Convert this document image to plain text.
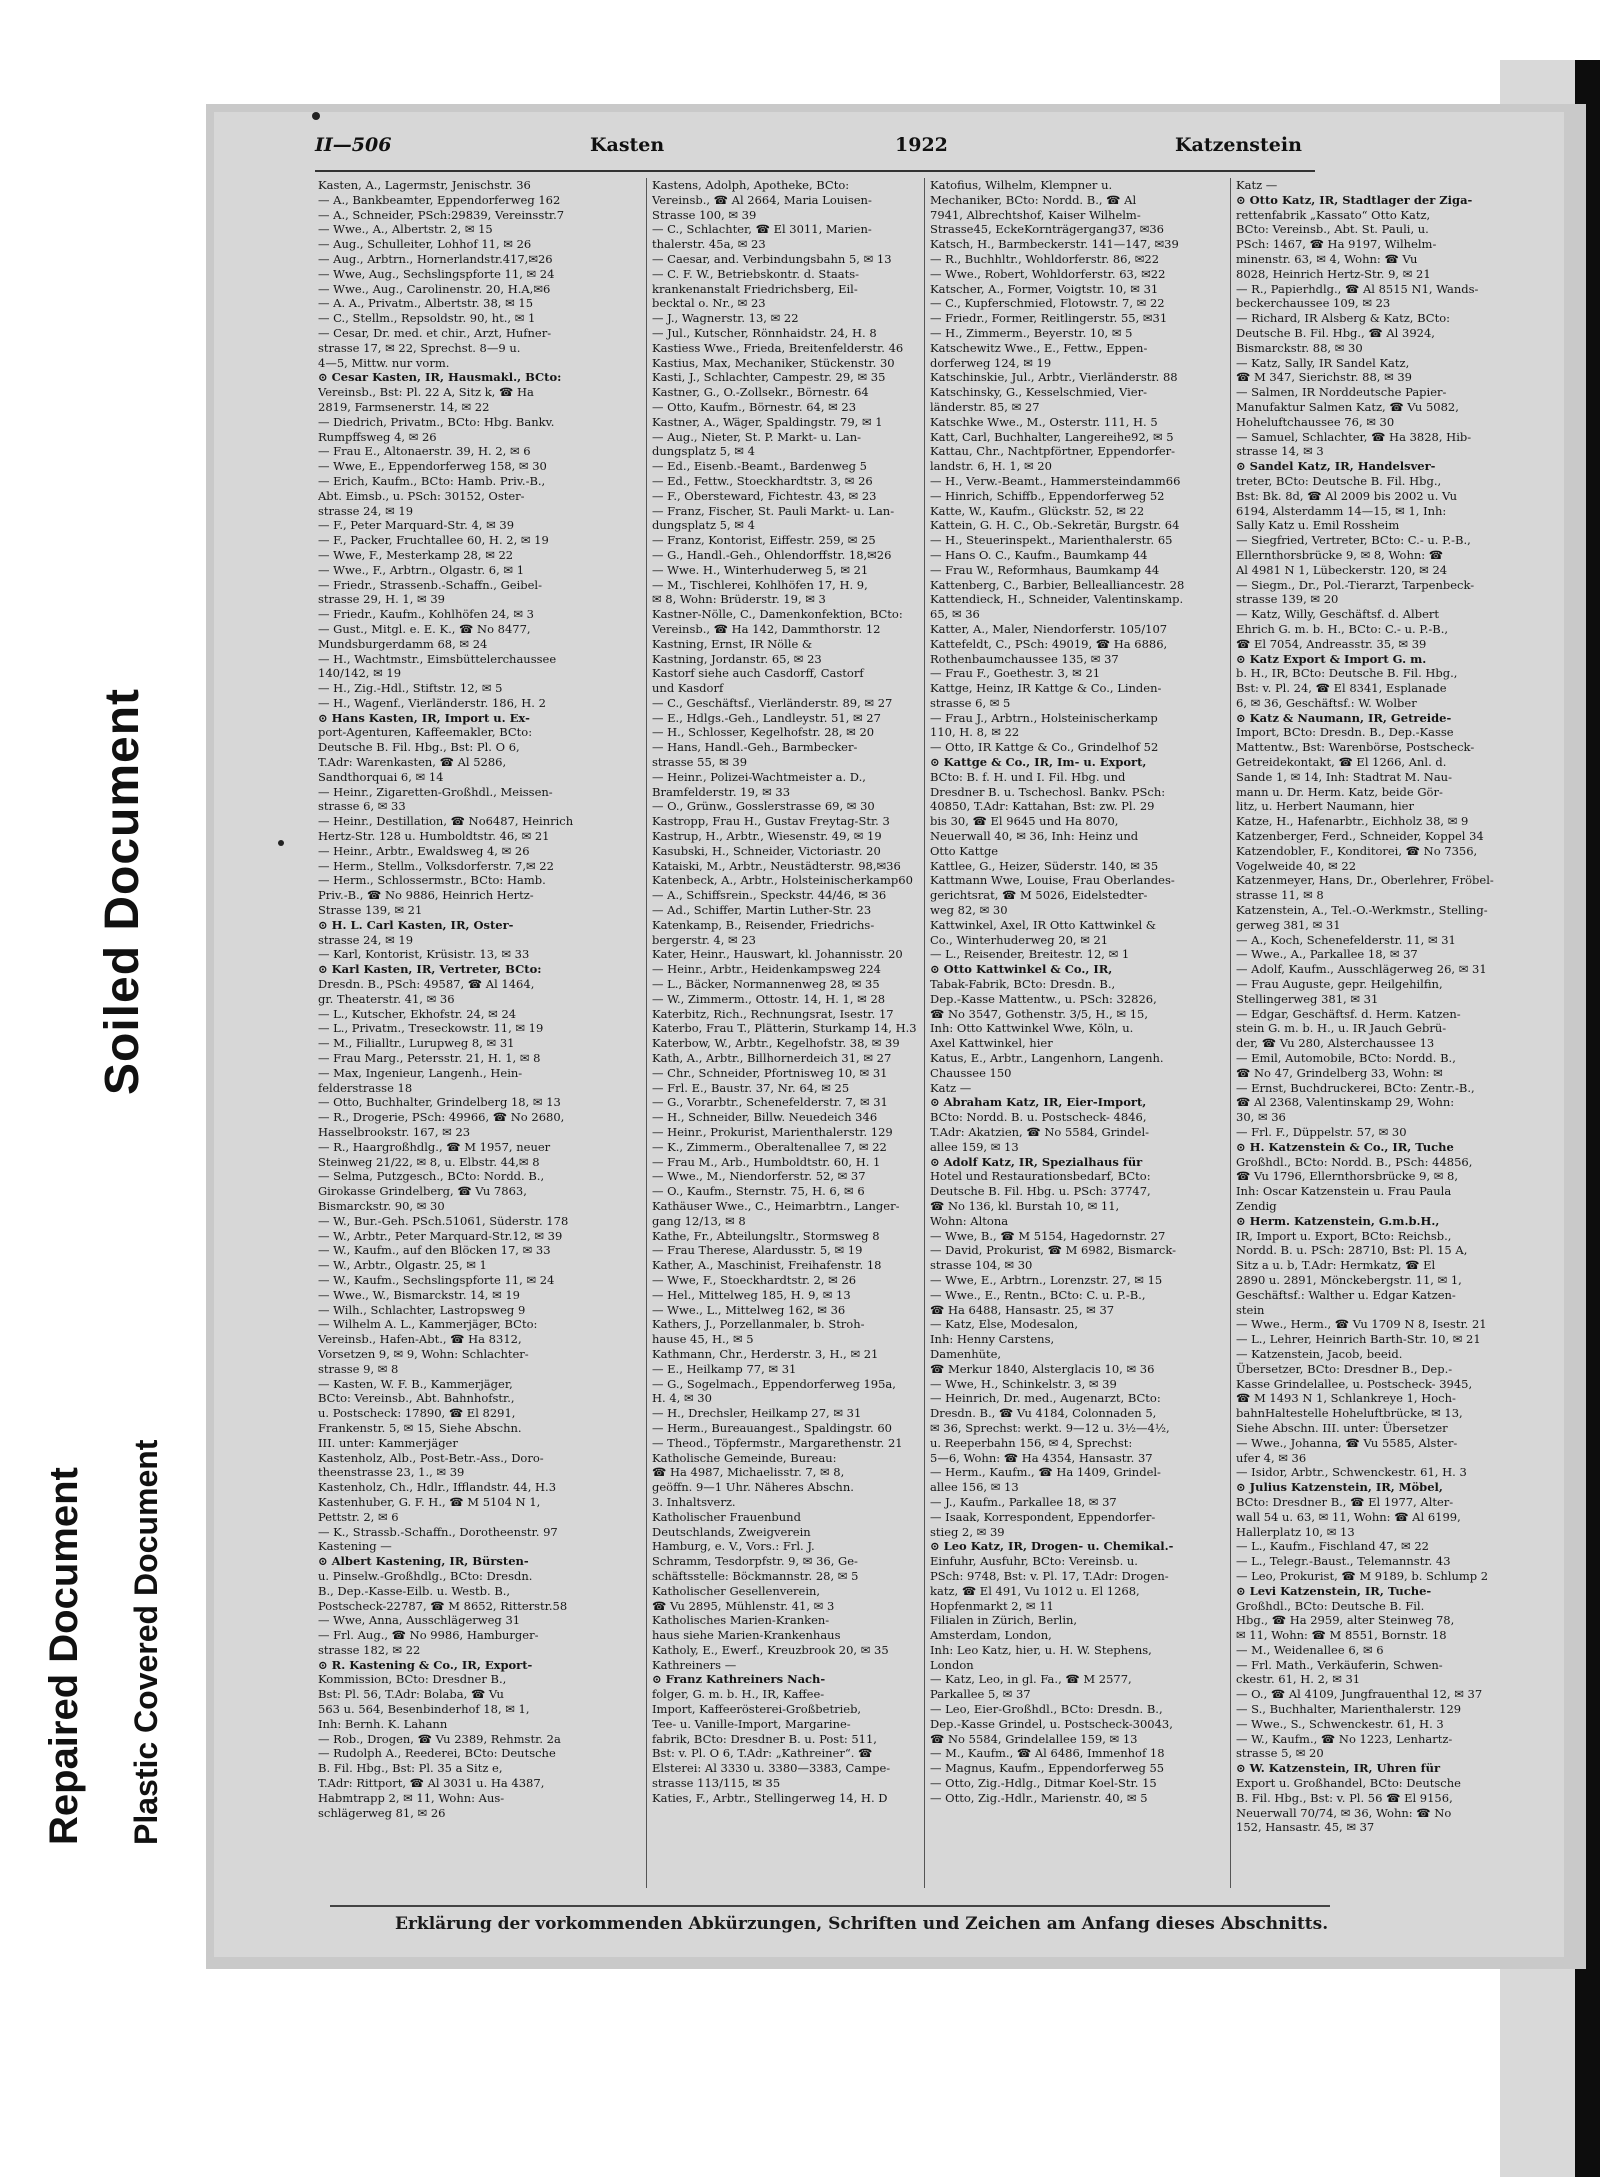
Soiled Document
Repaired Document Plastic Covered Document
II—506	Kasten	1922	Katzenstein
Kasten, A., Lagermstr, Jenischstr. 36
— A., Bankbeamter, Eppendorferweg 162
— A., Schneider, PSch:29839, Vereinsstr.7
— Wwe., A., Albertstr. 2, ✉ 15
— Aug., Schulleiter, Lohhof 11, ✉ 26
— Aug., Arbtrn., Hornerlandstr.417,✉26
— Wwe, Aug., Sechslingspforte 11, ✉ 24
— Wwe., Aug., Carolinenstr. 20, H.A,✉6
— A. A., Privatm., Albertstr. 38, ✉ 15
— C., Stellm., Repsoldstr. 90, ht., ✉ 1
— Cesar, Dr. med. et chir., Arzt, Hufner-
strasse 17, ✉ 22, Sprechst. 8—9 u.
4—5, Mittw. nur vorm.
⊙ Cesar Kasten, IR, Hausmakl., BCto:
Vereinsb., Bst: Pl. 22 A, Sitz k, ☎ Ha
2819, Farmsenerstr. 14, ✉ 22
— Diedrich, Privatm., BCto: Hbg. Bankv.
Rumpffsweg 4, ✉ 26
— Frau E., Altonaerstr. 39, H. 2, ✉ 6
— Wwe, E., Eppendorferweg 158, ✉ 30
— Erich, Kaufm., BCto: Hamb. Priv.-B.,
Abt. Eimsb., u. PSch: 30152, Oster-
strasse 24, ✉ 19
— F., Peter Marquard-Str. 4, ✉ 39
— F., Packer, Fruchtallee 60, H. 2, ✉ 19
— Wwe, F., Mesterkamp 28, ✉ 22
— Wwe., F., Arbtrn., Olgastr. 6, ✉ 1
— Friedr., Strassenb.-Schaffn., Geibel-
strasse 29, H. 1, ✉ 39
— Friedr., Kaufm., Kohlhöfen 24, ✉ 3
— Gust., Mitgl. e. E. K., ☎ No 8477,
Mundsburgerdamm 68, ✉ 24
— H., Wachtmstr., Eimsbüttelerchaussee
140/142, ✉ 19
— H., Zig.-Hdl., Stiftstr. 12, ✉ 5
— H., Wagenf., Vierländerstr. 186, H. 2
⊙ Hans Kasten, IR, Import u. Ex-
port-Agenturen, Kaffeemakler, BCto:
Deutsche B. Fil. Hbg., Bst: Pl. O 6,
T.Adr: Warenkasten, ☎ Al 5286,
Sandthorquai 6, ✉ 14
— Heinr., Zigaretten-Großhdl., Meissen-
strasse 6, ✉ 33
— Heinr., Destillation, ☎ No6487, Heinrich
Hertz-Str. 128 u. Humboldtstr. 46, ✉ 21
— Heinr., Arbtr., Ewaldsweg 4, ✉ 26
— Herm., Stellm., Volksdorferstr. 7,✉ 22
— Herm., Schlossermstr., BCto: Hamb.
Priv.-B., ☎ No 9886, Heinrich Hertz-
Strasse 139, ✉ 21
⊙ H. L. Carl Kasten, IR, Oster-
strasse 24, ✉ 19
— Karl, Kontorist, Krüsistr. 13, ✉ 33
⊙ Karl Kasten, IR, Vertreter, BCto:
Dresdn. B., PSch: 49587, ☎ Al 1464,
gr. Theaterstr. 41, ✉ 36
— L., Kutscher, Ekhofstr. 24, ✉ 24
— L., Privatm., Treseckowstr. 11, ✉ 19
— M., Filialltr., Lurupweg 8, ✉ 31
— Frau Marg., Petersstr. 21, H. 1, ✉ 8
— Max, Ingenieur, Langenh., Hein-
felderstrasse 18
— Otto, Buchhalter, Grindelberg 18, ✉ 13
— R., Drogerie, PSch: 49966, ☎ No 2680,
Hasselbrookstr. 167, ✉ 23
— R., Haargroßhdlg., ☎ M 1957, neuer
Steinweg 21/22, ✉ 8, u. Elbstr. 44,✉ 8
— Selma, Putzgesch., BCto: Nordd. B.,
Girokasse Grindelberg, ☎ Vu 7863,
Bismarckstr. 90, ✉ 30
— W., Bur.-Geh. PSch.51061, Süderstr. 178
— W., Arbtr., Peter Marquard-Str.12, ✉ 39
— W., Kaufm., auf den Blöcken 17, ✉ 33
— W., Arbtr., Olgastr. 25, ✉ 1
— W., Kaufm., Sechslingspforte 11, ✉ 24
— Wwe., W., Bismarckstr. 14, ✉ 19
— Wilh., Schlachter, Lastropsweg 9
— Wilhelm A. L., Kammerjäger, BCto:
Vereinsb., Hafen-Abt., ☎ Ha 8312,
Vorsetzen 9, ✉ 9, Wohn: Schlachter-
strasse 9, ✉ 8
— Kasten, W. F. B., Kammerjäger,
BCto: Vereinsb., Abt. Bahnhofstr.,
u. Postscheck: 17890, ☎ El 8291,
Frankenstr. 5, ✉ 15, Siehe Abschn.
III. unter: Kammerjäger
Kastenholz, Alb., Post-Betr.-Ass., Doro-
theenstrasse 23, 1., ✉ 39
Kastenholz, Ch., Hdlr., Ifflandstr. 44, H.3
Kastenhuber, G. F. H., ☎ M 5104 N 1,
Pettstr. 2, ✉ 6
— K., Strassb.-Schaffn., Dorotheenstr. 97
Kastening —
⊙ Albert Kastening, IR, Bürsten-
u. Pinselw.-Großhdlg., BCto: Dresdn.
B., Dep.-Kasse-Eilb. u. Westb. B.,
Postscheck-22787, ☎ M 8652, Ritterstr.58
— Wwe, Anna, Ausschlägerweg 31
— Frl. Aug., ☎ No 9986, Hamburger-
strasse 182, ✉ 22
⊙ R. Kastening & Co., IR, Export-
Kommission, BCto: Dresdner B.,
Bst: Pl. 56, T.Adr: Bolaba, ☎ Vu
563 u. 564, Besenbinderhof 18, ✉ 1,
Inh: Bernh. K. Lahann
— Rob., Drogen, ☎ Vu 2389, Rehmstr. 2a
— Rudolph A., Reederei, BCto: Deutsche
B. Fil. Hbg., Bst: Pl. 35 a Sitz e,
T.Adr: Rittport, ☎ Al 3031 u. Ha 4387,
Habmtrapp 2, ✉ 11, Wohn: Aus-
schlägerweg 81, ✉ 26
Kastens, Adolph, Apotheke, BCto:
Vereinsb., ☎ Al 2664, Maria Louisen-
Strasse 100, ✉ 39
— C., Schlachter, ☎ El 3011, Marien-
thalerstr. 45a, ✉ 23
— Caesar, and. Verbindungsbahn 5, ✉ 13
— C. F. W., Betriebskontr. d. Staats-
krankenanstalt Friedrichsberg, Eil-
becktal o. Nr., ✉ 23
— J., Wagnerstr. 13, ✉ 22
— Jul., Kutscher, Rönnhaidstr. 24, H. 8
Kastiess Wwe., Frieda, Breitenfelderstr. 46
Kastius, Max, Mechaniker, Stückenstr. 30
Kasti, J., Schlachter, Campestr. 29, ✉ 35
Kastner, G., O.-Zollsekr., Börnestr. 64
— Otto, Kaufm., Börnestr. 64, ✉ 23
Kastner, A., Wäger, Spaldingstr. 79, ✉ 1
— Aug., Nieter, St. P. Markt- u. Lan-
dungsplatz 5, ✉ 4
— Ed., Eisenb.-Beamt., Bardenweg 5
— Ed., Fettw., Stoeckhardtstr. 3, ✉ 26
— F., Obersteward, Fichtestr. 43, ✉ 23
— Franz, Fischer, St. Pauli Markt- u. Lan-
dungsplatz 5, ✉ 4
— Franz, Kontorist, Eiffestr. 259, ✉ 25
— G., Handl.-Geh., Ohlendorffstr. 18,✉26
— Wwe. H., Winterhuderweg 5, ✉ 21
— M., Tischlerei, Kohlhöfen 17, H. 9,
✉ 8, Wohn: Brüderstr. 19, ✉ 3
Kastner-Nölle, C., Damenkonfektion, BCto:
Vereinsb., ☎ Ha 142, Dammthorstr. 12
Kastning, Ernst, IR Nölle &
Kastning, Jordanstr. 65, ✉ 23
Kastorf siehe auch Casdorff, Castorf
und Kasdorf
— C., Geschäftsf., Vierländerstr. 89, ✉ 27
— E., Hdlgs.-Geh., Landleystr. 51, ✉ 27
— H., Schlosser, Kegelhofstr. 28, ✉ 20
— Hans, Handl.-Geh., Barmbecker-
strasse 55, ✉ 39
— Heinr., Polizei-Wachtmeister a. D.,
Bramfelderstr. 19, ✉ 33
— O., Grünw., Gosslerstrasse 69, ✉ 30
Kastropp, Frau H., Gustav Freytag-Str. 3
Kastrup, H., Arbtr., Wiesenstr. 49, ✉ 19
Kasubski, H., Schneider, Victoriastr. 20
Kataiski, M., Arbtr., Neustädterstr. 98,✉36
Katenbeck, A., Arbtr., Holsteinischerkamp60
— A., Schiffsrein., Speckstr. 44/46, ✉ 36
— Ad., Schiffer, Martin Luther-Str. 23
Katenkamp, B., Reisender, Friedrichs-
bergerstr. 4, ✉ 23
Kater, Heinr., Hauswart, kl. Johannisstr. 20
— Heinr., Arbtr., Heidenkampsweg 224
— L., Bäcker, Normannenweg 28, ✉ 35
— W., Zimmerm., Ottostr. 14, H. 1, ✉ 28
Katerbitz, Rich., Rechnungsrat, Isestr. 17
Katerbo, Frau T., Plätterin, Sturkamp 14, H.3
Katerbow, W., Arbtr., Kegelhofstr. 38, ✉ 39
Kath, A., Arbtr., Billhornerdeich 31, ✉ 27
— Chr., Schneider, Pfortnisweg 10, ✉ 31
— Frl. E., Baustr. 37, Nr. 64, ✉ 25
— G., Vorarbtr., Schenefelderstr. 7, ✉ 31
— H., Schneider, Billw. Neuedeich 346
— Heinr., Prokurist, Marienthalerstr. 129
— K., Zimmerm., Oberaltenallee 7, ✉ 22
— Frau M., Arb., Humboldtstr. 60, H. 1
— Wwe., M., Niendorferstr. 52, ✉ 37
— O., Kaufm., Sternstr. 75, H. 6, ✉ 6
Kathäuser Wwe., C., Heimarbtrn., Langer-
gang 12/13, ✉ 8
Kathe, Fr., Abteilungsltr., Stormsweg 8
— Frau Therese, Alardusstr. 5, ✉ 19
Kather, A., Maschinist, Freihafenstr. 18
— Wwe, F., Stoeckhardtstr. 2, ✉ 26
— Hel., Mittelweg 185, H. 9, ✉ 13
— Wwe., L., Mittelweg 162, ✉ 36
Kathers, J., Porzellanmaler, b. Stroh-
hause 45, H., ✉ 5
Kathmann, Chr., Herderstr. 3, H., ✉ 21
— E., Heilkamp 77, ✉ 31
— G., Sogelmach., Eppendorferweg 195a,
H. 4, ✉ 30
— H., Drechsler, Heilkamp 27, ✉ 31
— Herm., Bureauangest., Spaldingstr. 60
— Theod., Töpfermstr., Margarethenstr. 21
Katholische Gemeinde, Bureau:
☎ Ha 4987, Michaelisstr. 7, ✉ 8,
geöffn. 9—1 Uhr. Näheres Abschn.
3. Inhaltsverz.
Katholischer Frauenbund
Deutschlands, Zweigverein
Hamburg, e. V., Vors.: Frl. J.
Schramm, Tesdorpfstr. 9, ✉ 36, Ge-
schäftsstelle: Böckmannstr. 28, ✉ 5
Katholischer Gesellenverein,
☎ Vu 2895, Mühlenstr. 41, ✉ 3
Katholisches Marien-Kranken-
haus siehe Marien-Krankenhaus
Katholy, E., Ewerf., Kreuzbrook 20, ✉ 35
Kathreiners —
⊙ Franz Kathreiners Nach-
folger, G. m. b. H., IR, Kaffee-
Import, Kaffeerösterei-Großbetrieb,
Tee- u. Vanille-Import, Margarine-
fabrik, BCto: Dresdner B. u. Post: 511,
Bst: v. Pl. O 6, T.Adr: „Kathreiner“. ☎
Elsterei: Al 3330 u. 3380—3383, Campe-
strasse 113/115, ✉ 35
Katies, F., Arbtr., Stellingerweg 14, H. D
Katofius, Wilhelm, Klempner u.
Mechaniker, BCto: Nordd. B., ☎ Al
7941, Albrechtshof, Kaiser Wilhelm-
Strasse45, EckeKornträgergang37, ✉36
Katsch, H., Barmbeckerstr. 141—147, ✉39
— R., Buchhltr., Wohldorferstr. 86, ✉22
— Wwe., Robert, Wohldorferstr. 63, ✉22
Katscher, A., Former, Voigtstr. 10, ✉ 31
— C., Kupferschmied, Flotowstr. 7, ✉ 22
— Friedr., Former, Reitlingerstr. 55, ✉31
— H., Zimmerm., Beyerstr. 10, ✉ 5
Katschewitz Wwe., E., Fettw., Eppen-
dorferweg 124, ✉ 19
Katschinskie, Jul., Arbtr., Vierländerstr. 88
Katschinsky, G., Kesselschmied, Vier-
länderstr. 85, ✉ 27
Katschke Wwe., M., Osterstr. 111, H. 5
Katt, Carl, Buchhalter, Langereihe92, ✉ 5
Kattau, Chr., Nachtpförtner, Eppendorfer-
landstr. 6, H. 1, ✉ 20
— H., Verw.-Beamt., Hammersteindamm66
— Hinrich, Schiffb., Eppendorferweg 52
Katte, W., Kaufm., Glückstr. 52, ✉ 22
Kattein, G. H. C., Ob.-Sekretär, Burgstr. 64
— H., Steuerinspekt., Marienthalerstr. 65
— Hans O. C., Kaufm., Baumkamp 44
— Frau W., Reformhaus, Baumkamp 44
Kattenberg, C., Barbier, Bellealliancestr. 28
Kattendieck, H., Schneider, Valentinskamp.
65, ✉ 36
Katter, A., Maler, Niendorferstr. 105/107
Kattefeldt, C., PSch: 49019, ☎ Ha 6886,
Rothenbaumchaussee 135, ✉ 37
— Frau F., Goethestr. 3, ✉ 21
Kattge, Heinz, IR Kattge & Co., Linden-
strasse 6, ✉ 5
— Frau J., Arbtrn., Holsteinischerkamp
110, H. 8, ✉ 22
— Otto, IR Kattge & Co., Grindelhof 52
⊙ Kattge & Co., IR, Im- u. Export,
BCto: B. f. H. und I. Fil. Hbg. und
Dresdner B. u. Tschechosl. Bankv. PSch:
40850, T.Adr: Kattahan, Bst: zw. Pl. 29
bis 30, ☎ El 9645 und Ha 8070,
Neuerwall 40, ✉ 36, Inh: Heinz und
Otto Kattge
Kattlee, G., Heizer, Süderstr. 140, ✉ 35
Kattmann Wwe, Louise, Frau Oberlandes-
gerichtsrat, ☎ M 5026, Eidelstedter-
weg 82, ✉ 30
Kattwinkel, Axel, IR Otto Kattwinkel &
Co., Winterhuderweg 20, ✉ 21
— L., Reisender, Breitestr. 12, ✉ 1
⊙ Otto Kattwinkel & Co., IR,
Tabak-Fabrik, BCto: Dresdn. B.,
Dep.-Kasse Mattentw., u. PSch: 32826,
☎ No 3547, Gothenstr. 3/5, H., ✉ 15,
Inh: Otto Kattwinkel Wwe, Köln, u.
Axel Kattwinkel, hier
Katus, E., Arbtr., Langenhorn, Langenh.
Chaussee 150
Katz —
⊙ Abraham Katz, IR, Eier-Import,
BCto: Nordd. B. u. Postscheck- 4846,
T.Adr: Akatzien, ☎ No 5584, Grindel-
allee 159, ✉ 13
⊙ Adolf Katz, IR, Spezialhaus für
Hotel und Restaurationsbedarf, BCto:
Deutsche B. Fil. Hbg. u. PSch: 37747,
☎ No 136, kl. Burstah 10, ✉ 11,
Wohn: Altona
— Wwe, B., ☎ M 5154, Hagedornstr. 27
— David, Prokurist, ☎ M 6982, Bismarck-
strasse 104, ✉ 30
— Wwe, E., Arbtrn., Lorenzstr. 27, ✉ 15
— Wwe., E., Rentn., BCto: C. u. P.-B.,
☎ Ha 6488, Hansastr. 25, ✉ 37
— Katz, Else, Modesalon,
Inh: Henny Carstens,
Damenhüte,
☎ Merkur 1840, Alsterglacis 10, ✉ 36
— Wwe, H., Schinkelstr. 3, ✉ 39
— Heinrich, Dr. med., Augenarzt, BCto:
Dresdn. B., ☎ Vu 4184, Colonnaden 5,
✉ 36, Sprechst: werkt. 9—12 u. 3½—4½,
u. Reeperbahn 156, ✉ 4, Sprechst:
5—6, Wohn: ☎ Ha 4354, Hansastr. 37
— Herm., Kaufm., ☎ Ha 1409, Grindel-
allee 156, ✉ 13
— J., Kaufm., Parkallee 18, ✉ 37
— Isaak, Korrespondent, Eppendorfer-
stieg 2, ✉ 39
⊙ Leo Katz, IR, Drogen- u. Chemikal.-
Einfuhr, Ausfuhr, BCto: Vereinsb. u.
PSch: 9748, Bst: v. Pl. 17, T.Adr: Drogen-
katz, ☎ El 491, Vu 1012 u. El 1268,
Hopfenmarkt 2, ✉ 11
Filialen in Zürich, Berlin,
Amsterdam, London,
Inh: Leo Katz, hier, u. H. W. Stephens,
London
— Katz, Leo, in gl. Fa., ☎ M 2577,
Parkallee 5, ✉ 37
— Leo, Eier-Großhdl., BCto: Dresdn. B.,
Dep.-Kasse Grindel, u. Postscheck-30043,
☎ No 5584, Grindelallee 159, ✉ 13
— M., Kaufm., ☎ Al 6486, Immenhof 18
— Magnus, Kaufm., Eppendorferweg 55
— Otto, Zig.-Hdlg., Ditmar Koel-Str. 15
— Otto, Zig.-Hdlr., Marienstr. 40, ✉ 5
Katz —
⊙ Otto Katz, IR, Stadtlager der Ziga-
rettenfabrik „Kassato“ Otto Katz,
BCto: Vereinsb., Abt. St. Pauli, u.
PSch: 1467, ☎ Ha 9197, Wilhelm-
minenstr. 63, ✉ 4, Wohn: ☎ Vu
8028, Heinrich Hertz-Str. 9, ✉ 21
— R., Papierhdlg., ☎ Al 8515 N1, Wands-
beckerchaussee 109, ✉ 23
— Richard, IR Alsberg & Katz, BCto:
Deutsche B. Fil. Hbg., ☎ Al 3924,
Bismarckstr. 88, ✉ 30
— Katz, Sally, IR Sandel Katz,
☎ M 347, Sierichstr. 88, ✉ 39
— Salmen, IR Norddeutsche Papier-
Manufaktur Salmen Katz, ☎ Vu 5082,
Hoheluftchaussee 76, ✉ 30
— Samuel, Schlachter, ☎ Ha 3828, Hib-
strasse 14, ✉ 3
⊙ Sandel Katz, IR, Handelsver-
treter, BCto: Deutsche B. Fil. Hbg.,
Bst: Bk. 8d, ☎ Al 2009 bis 2002 u. Vu
6194, Alsterdamm 14—15, ✉ 1, Inh:
Sally Katz u. Emil Rossheim
— Siegfried, Vertreter, BCto: C.- u. P.-B.,
Ellernthorsbrücke 9, ✉ 8, Wohn: ☎
Al 4981 N 1, Lübeckerstr. 120, ✉ 24
— Siegm., Dr., Pol.-Tierarzt, Tarpenbeck-
strasse 139, ✉ 20
— Katz, Willy, Geschäftsf. d. Albert
Ehrich G. m. b. H., BCto: C.- u. P.-B.,
☎ El 7054, Andreasstr. 35, ✉ 39
⊙ Katz Export & Import G. m.
b. H., IR, BCto: Deutsche B. Fil. Hbg.,
Bst: v. Pl. 24, ☎ El 8341, Esplanade
6, ✉ 36, Geschäftsf.: W. Wolber
⊙ Katz & Naumann, IR, Getreide-
Import, BCto: Dresdn. B., Dep.-Kasse
Mattentw., Bst: Warenbörse, Postscheck-
Getreidekontakt, ☎ El 1266, Anl. d.
Sande 1, ✉ 14, Inh: Stadtrat M. Nau-
mann u. Dr. Herm. Katz, beide Gör-
litz, u. Herbert Naumann, hier
Katze, H., Hafenarbtr., Eichholz 38, ✉ 9
Katzenberger, Ferd., Schneider, Koppel 34
Katzendobler, F., Konditorei, ☎ No 7356,
Vogelweide 40, ✉ 22
Katzenmeyer, Hans, Dr., Oberlehrer, Fröbel-
strasse 11, ✉ 8
Katzenstein, A., Tel.-O.-Werkmstr., Stelling-
gerweg 381, ✉ 31
— A., Koch, Schenefelderstr. 11, ✉ 31
— Wwe., A., Parkallee 18, ✉ 37
— Adolf, Kaufm., Ausschlägerweg 26, ✉ 31
— Frau Auguste, gepr. Heilgehilfin,
Stellingerweg 381, ✉ 31
— Edgar, Geschäftsf. d. Herm. Katzen-
stein G. m. b. H., u. IR Jauch Gebrü-
der, ☎ Vu 280, Alsterchaussee 13
— Emil, Automobile, BCto: Nordd. B.,
☎ No 47, Grindelberg 33, Wohn: ✉
— Ernst, Buchdruckerei, BCto: Zentr.-B.,
☎ Al 2368, Valentinskamp 29, Wohn:
30, ✉ 36
— Frl. F., Düppelstr. 57, ✉ 30
⊙ H. Katzenstein & Co., IR, Tuche
Großhdl., BCto: Nordd. B., PSch: 44856,
☎ Vu 1796, Ellernthorsbrücke 9, ✉ 8,
Inh: Oscar Katzenstein u. Frau Paula
Zendig
⊙ Herm. Katzenstein, G.m.b.H.,
IR, Import u. Export, BCto: Reichsb.,
Nordd. B. u. PSch: 28710, Bst: Pl. 15 A,
Sitz a u. b, T.Adr: Hermkatz, ☎ El
2890 u. 2891, Mönckebergstr. 11, ✉ 1,
Geschäftsf.: Walther u. Edgar Katzen-
stein
— Wwe., Herm., ☎ Vu 1709 N 8, Isestr. 21
— L., Lehrer, Heinrich Barth-Str. 10, ✉ 21
— Katzenstein, Jacob, beeid.
Übersetzer, BCto: Dresdner B., Dep.-
Kasse Grindelallee, u. Postscheck- 3945,
☎ M 1493 N 1, Schlankreye 1, Hoch-
bahnHaltestelle Hoheluftbrücke, ✉ 13,
Siehe Abschn. III. unter: Übersetzer
— Wwe., Johanna, ☎ Vu 5585, Alster-
ufer 4, ✉ 36
— Isidor, Arbtr., Schwenckestr. 61, H. 3
⊙ Julius Katzenstein, IR, Möbel,
BCto: Dresdner B., ☎ El 1977, Alter-
wall 54 u. 63, ✉ 11, Wohn: ☎ Al 6199,
Hallerplatz 10, ✉ 13
— L., Kaufm., Fischland 47, ✉ 22
— L., Telegr.-Baust., Telemannstr. 43
— Leo, Prokurist, ☎ M 9189, b. Schlump 2
⊙ Levi Katzenstein, IR, Tuche-
Großhdl., BCto: Deutsche B. Fil.
Hbg., ☎ Ha 2959, alter Steinweg 78,
✉ 11, Wohn: ☎ M 8551, Bornstr. 18
— M., Weidenallee 6, ✉ 6
— Frl. Math., Verkäuferin, Schwen-
ckestr. 61, H. 2, ✉ 31
— O., ☎ Al 4109, Jungfrauenthal 12, ✉ 37
— S., Buchhalter, Marienthalerstr. 129
— Wwe., S., Schwenckestr. 61, H. 3
— W., Kaufm., ☎ No 1223, Lenhartz-
strasse 5, ✉ 20
⊙ W. Katzenstein, IR, Uhren für
Export u. Großhandel, BCto: Deutsche
B. Fil. Hbg., Bst: v. Pl. 56 ☎ El 9156,
Neuerwall 70/74, ✉ 36, Wohn: ☎ No
152, Hansastr. 45, ✉ 37
Erklärung der vorkommenden Abkürzungen, Schriften und Zeichen am Anfang dieses Abschnitts.
